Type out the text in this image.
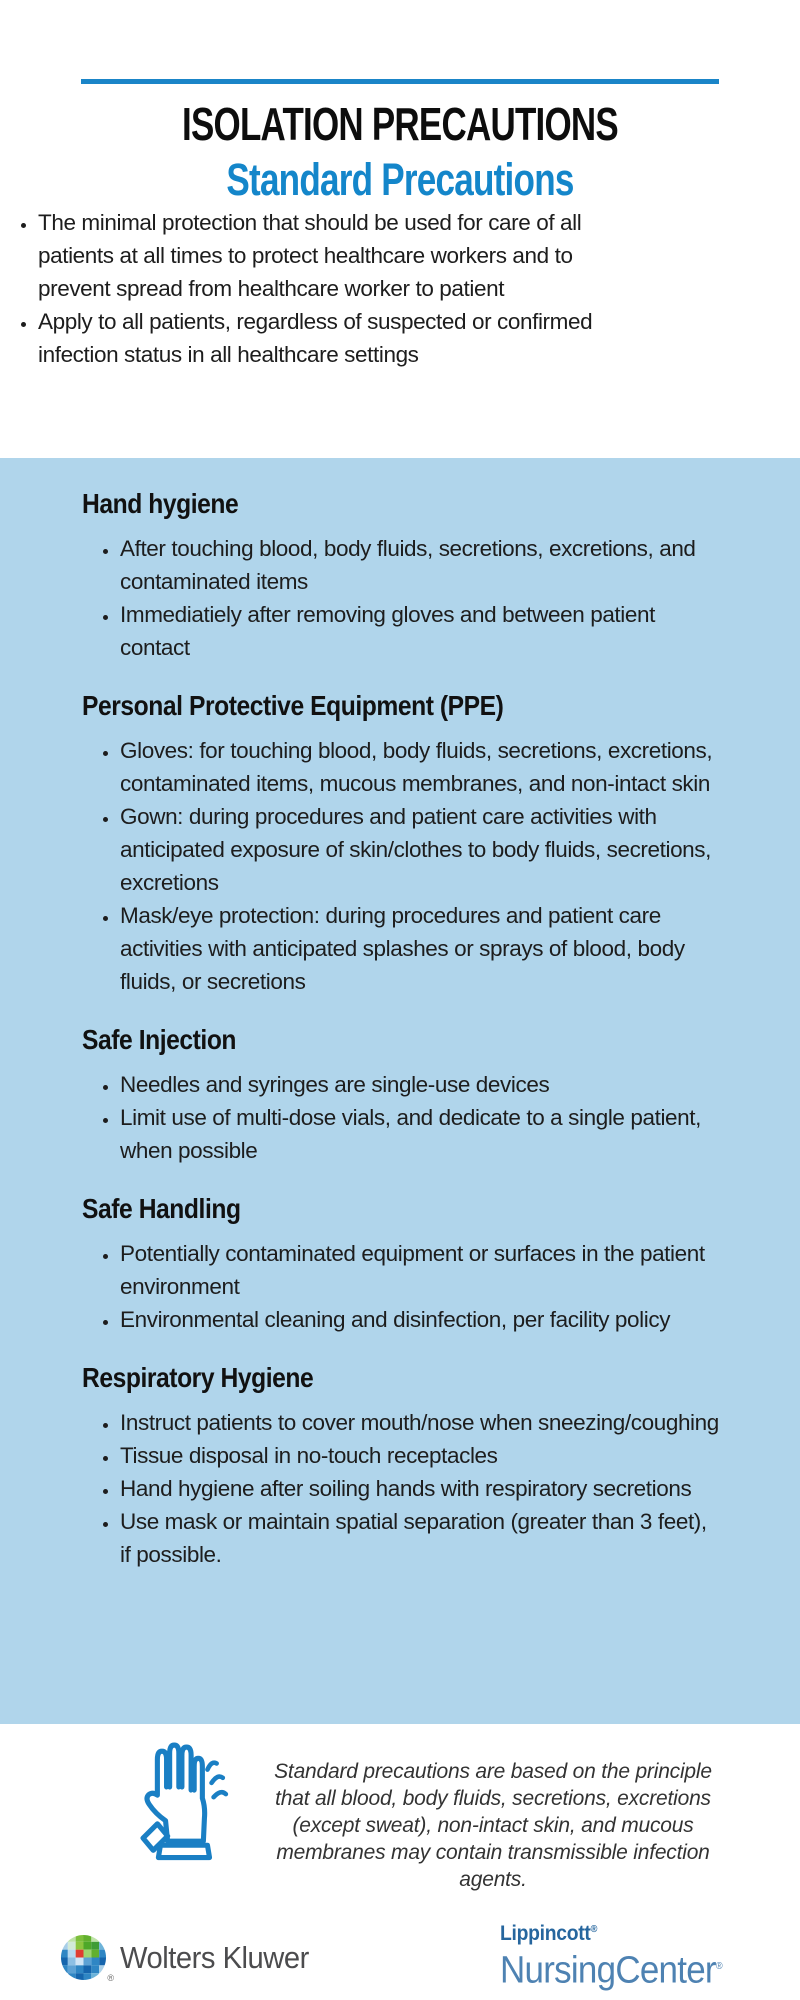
ISOLATION PRECAUTIONS
Standard Precautions
• The minimal protection that should be used for care of all patients at all times to protect healthcare workers and to prevent spread from healthcare worker to patient
• Apply to all patients, regardless of suspected or confirmed infection status in all healthcare settings
Hand hygiene
• After touching blood, body fluids, secretions, excretions, and contaminated items
• Immediatiely after removing gloves and between patient contact
Personal Protective Equipment (PPE)
• Gloves: for touching blood, body fluids, secretions, excretions, contaminated items, mucous membranes, and non-intact skin
• Gown: during procedures and patient care activities with anticipated exposure of skin/clothes to body fluids, secretions, excretions
• Mask/eye protection: during procedures and patient care activities with anticipated splashes or sprays of blood, body fluids, or secretions
Safe Injection
• Needles and syringes are single-use devices
• Limit use of multi-dose vials, and dedicate to a single patient, when possible
Safe Handling
• Potentially contaminated equipment or surfaces in the patient environment
• Environmental cleaning and disinfection, per facility policy
Respiratory Hygiene
• Instruct patients to cover mouth/nose when sneezing/coughing
• Tissue disposal in no-touch receptacles
• Hand hygiene after soiling hands with respiratory secretions
• Use mask or maintain spatial separation (greater than 3 feet), if possible.

Standard precautions are based on the principle that all blood, body fluids, secretions, excretions (except sweat), non-intact skin, and mucous membranes may contain transmissible infection agents.

®
Wolters Kluwer
Lippincott®
NursingCenter®
